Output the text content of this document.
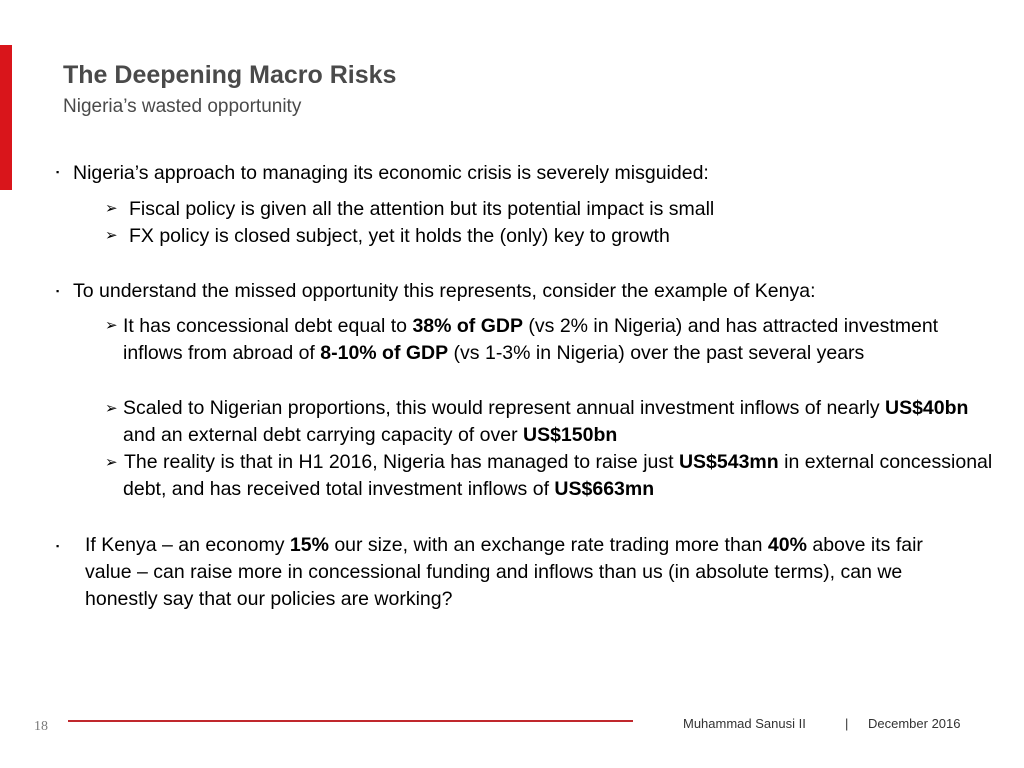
The Deepening Macro Risks
Nigeria’s wasted opportunity
▪ Nigeria’s approach to managing its economic crisis is severely misguided:
➢ Fiscal policy is given all the attention but its potential impact is small
➢ FX policy is closed subject, yet it holds the (only) key to growth
▪ To understand the missed opportunity this represents, consider the example of Kenya:
➢ It has concessional debt equal to 38% of GDP (vs 2% in Nigeria) and has attracted investment inflows from abroad of 8-10% of GDP (vs 1-3% in Nigeria) over the past several years
➢ Scaled to Nigerian proportions, this would represent annual investment inflows of nearly US$40bn and an external debt carrying capacity of over US$150bn
➢ The reality is that in H1 2016, Nigeria has managed to raise just US$543mn in external concessional debt, and has received total investment inflows of US$663mn
▪ If Kenya – an economy 15% our size, with an exchange rate trading more than 40% above its fair value – can raise more in concessional funding and inflows than us (in absolute terms), can we honestly say that our policies are working?
18	Muhammad Sanusi II	| December 2016
